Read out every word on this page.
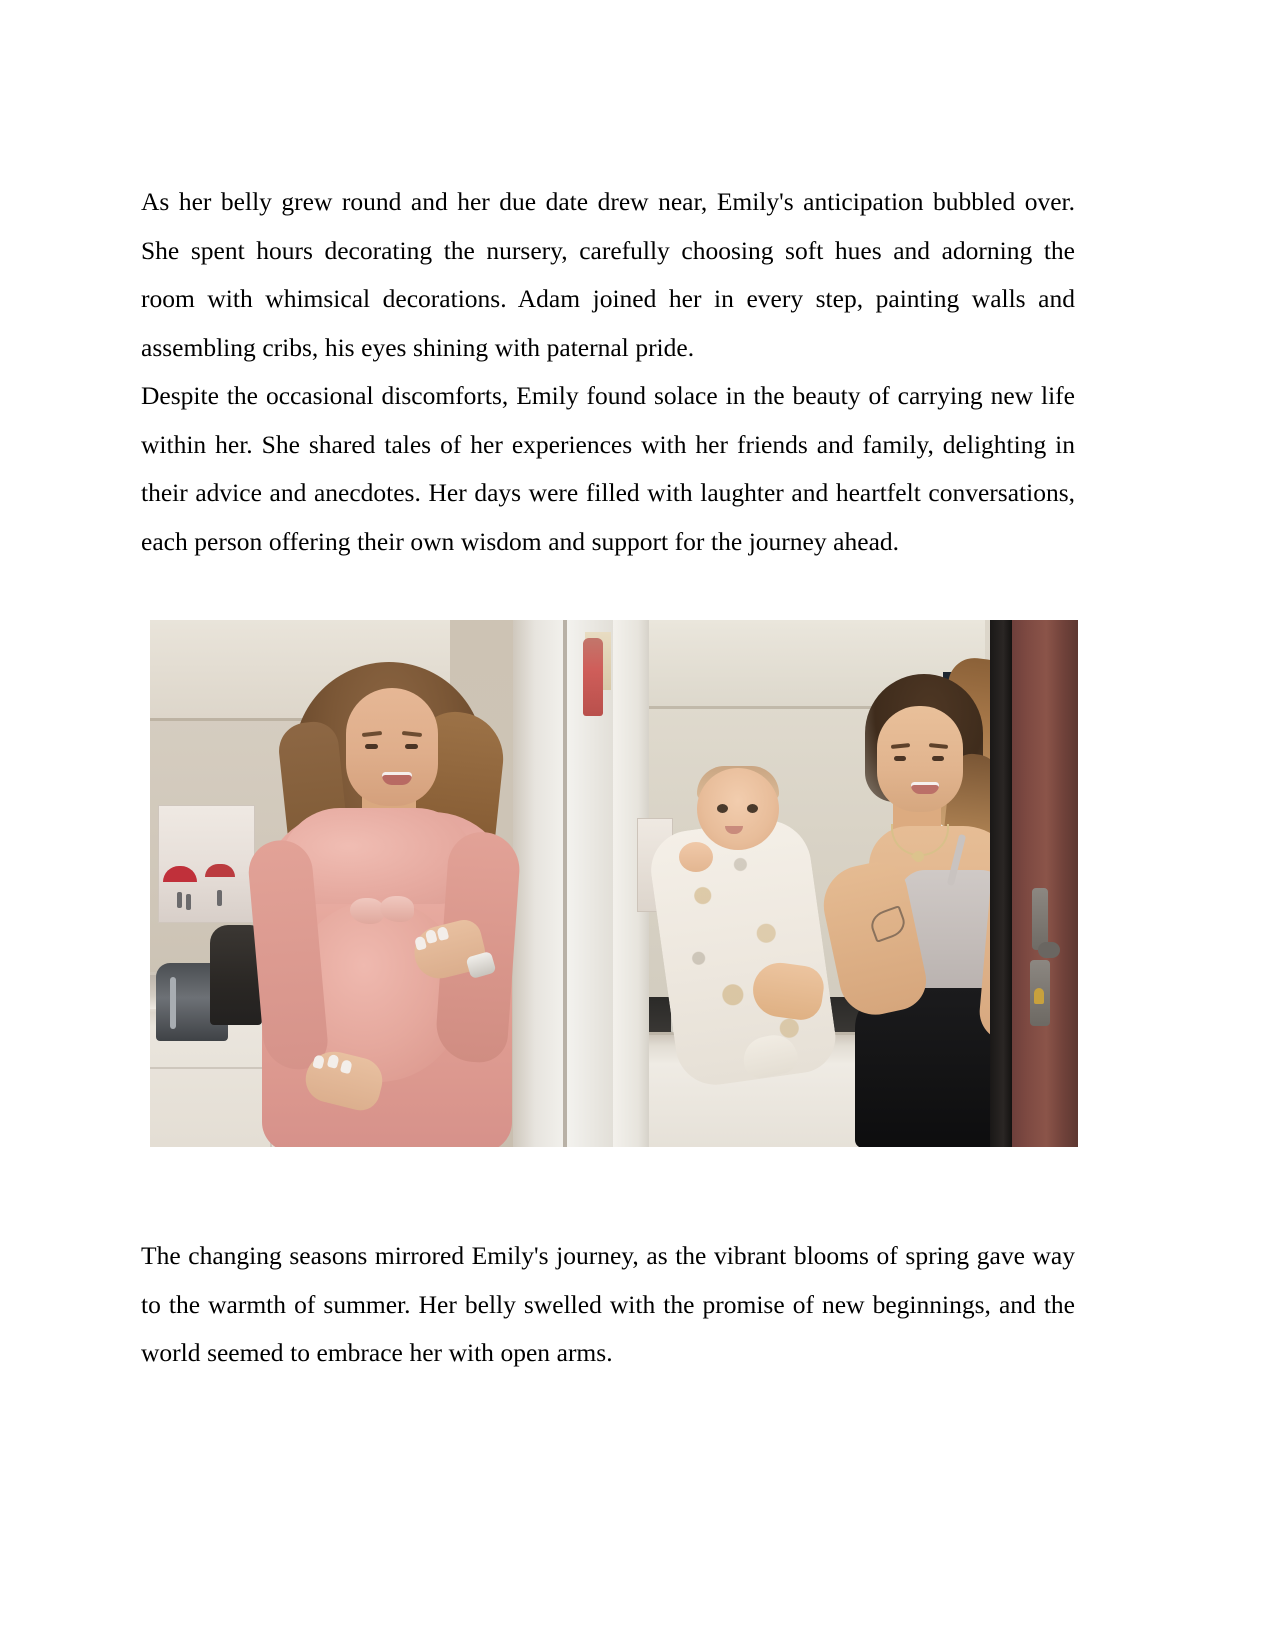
As her belly grew round and her due date drew near, Emily's anticipation bubbled over. She spent hours decorating the nursery, carefully choosing soft hues and adorning the room with whimsical decorations. Adam joined her in every step, painting walls and assembling cribs, his eyes shining with paternal pride.

Despite the occasional discomforts, Emily found solace in the beauty of carrying new life within her. She shared tales of her experiences with her friends and family, delighting in their advice and anecdotes. Her days were filled with laughter and heartfelt conversations, each person offering their own wisdom and support for the journey ahead.

The changing seasons mirrored Emily's journey, as the vibrant blooms of spring gave way to the warmth of summer. Her belly swelled with the promise of new beginnings, and the world seemed to embrace her with open arms.
